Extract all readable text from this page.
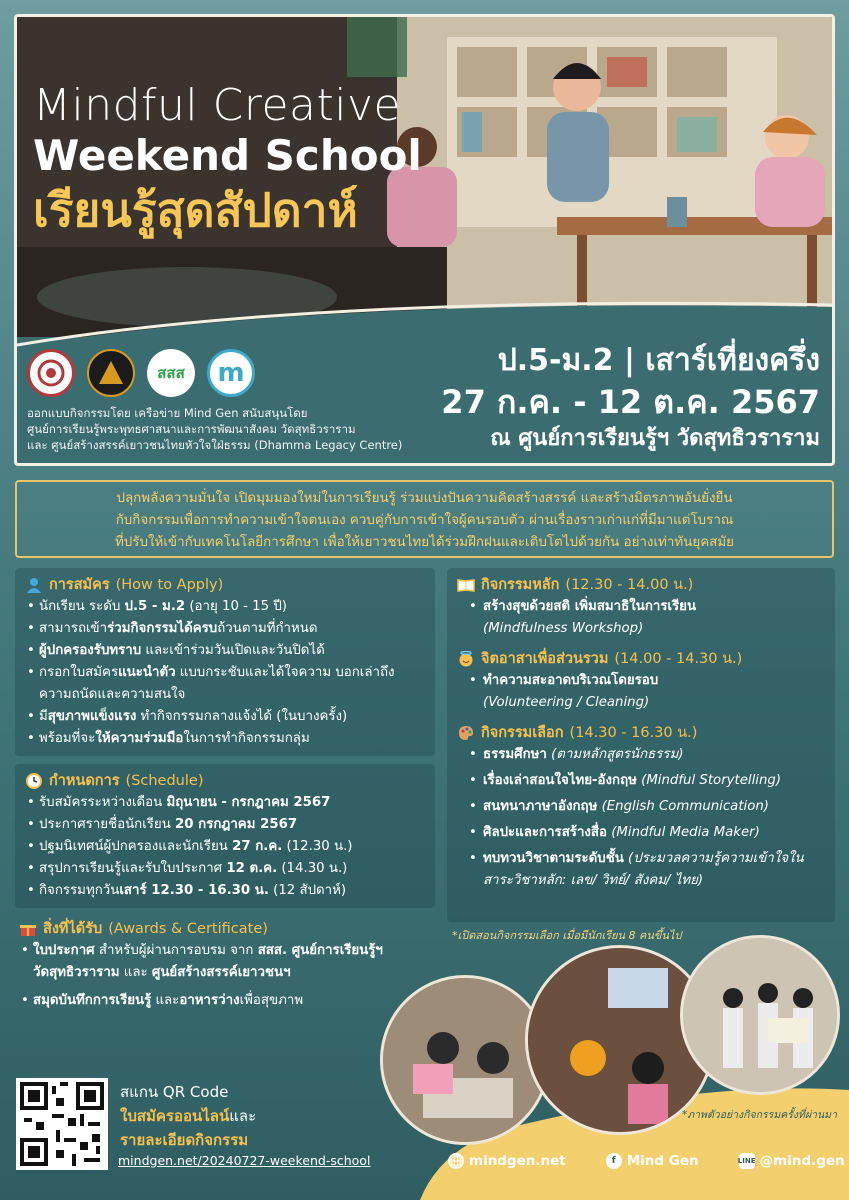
Mindful Creative
Weekend School
เรียนรู้สุดสัปดาห์
สสส m
ออกแบบกิจกรรมโดย เครือข่าย Mind Gen สนับสนุนโดย
ศูนย์การเรียนรู้พระพุทธศาสนาและการพัฒนาสังคม วัดสุทธิวราราม
และ ศูนย์สร้างสรรค์เยาวชนไทยหัวใจใฝ่ธรรม (Dhamma Legacy Centre)
ป.5-ม.2 | เสาร์เที่ยงครึ่ง
27 ก.ค. - 12 ต.ค. 2567
ณ ศูนย์การเรียนรู้ฯ วัดสุทธิวราราม
ปลุกพลังความมั่นใจ เปิดมุมมองใหม่ในการเรียนรู้ ร่วมแบ่งปันความคิดสร้างสรรค์ และสร้างมิตรภาพอันยั่งยืน
กับกิจกรรมเพื่อการทำความเข้าใจตนเอง ควบคู่กับการเข้าใจผู้คนรอบตัว ผ่านเรื่องราวเก่าแก่ที่มีมาแต่โบราณ
ที่ปรับให้เข้ากับเทคโนโลยีการศึกษา เพื่อให้เยาวชนไทยได้ร่วมฝึกฝนและเติบโตไปด้วยกัน อย่างเท่าทันยุคสมัย
การสมัคร (How to Apply)
• นักเรียน ระดับ ป.5 - ม.2 (อายุ 10 - 15 ปี)
• สามารถเข้าร่วมกิจกรรมได้ครบถ้วนตามที่กำหนด
• ผู้ปกครองรับทราบ และเข้าร่วมวันเปิดและวันปิดได้
• กรอกใบสมัครแนะนำตัว แบบกระชับและได้ใจความ บอกเล่าถึงความถนัดและความสนใจ
• มีสุขภาพแข็งแรง ทำกิจกรรมกลางแจ้งได้ (ในบางครั้ง)
• พร้อมที่จะให้ความร่วมมือในการทำกิจกรรมกลุ่ม
กำหนดการ (Schedule)
• รับสมัครระหว่างเดือน มิถุนายน - กรกฎาคม 2567
• ประกาศรายชื่อนักเรียน 20 กรกฎาคม 2567
• ปฐมนิเทศน์ผู้ปกครองและนักเรียน 27 ก.ค. (12.30 น.)
• สรุปการเรียนรู้และรับใบประกาศ 12 ต.ค. (14.30 น.)
• กิจกรรมทุกวันเสาร์ 12.30 - 16.30 น. (12 สัปดาห์)
สิ่งที่ได้รับ (Awards & Certificate)
• ใบประกาศ สำหรับผู้ผ่านการอบรม จาก สสส. ศูนย์การเรียนรู้ฯ วัดสุทธิวราราม และ ศูนย์สร้างสรรค์เยาวชนฯ
• สมุดบันทึกการเรียนรู้ และอาหารว่างเพื่อสุขภาพ
กิจกรรมหลัก (12.30 - 14.00 น.)
• สร้างสุขด้วยสติ เพิ่มสมาธิในการเรียน
(Mindfulness Workshop)
จิตอาสาเพื่อส่วนรวม (14.00 - 14.30 น.)
• ทำความสะอาดบริเวณโดยรอบ
(Volunteering / Cleaning)
กิจกรรมเลือก (14.30 - 16.30 น.)
• ธรรมศึกษา (ตามหลักสูตรนักธรรม)
• เรื่องเล่าสอนใจไทย-อังกฤษ (Mindful Storytelling)
• สนทนาภาษาอังกฤษ (English Communication)
• ศิลปะและการสร้างสื่อ (Mindful Media Maker)
• ทบทวนวิชาตามระดับชั้น (ประมวลความรู้ความเข้าใจในสาระวิชาหลัก: เลข/ วิทย์/ สังคม/ ไทย)
*เปิดสอนกิจกรรมเลือก เมื่อมีนักเรียน 8 คนขึ้นไป
สแกน QR Code
ใบสมัครออนไลน์และ
รายละเอียดกิจกรรม
mindgen.net/20240727-weekend-school
*ภาพตัวอย่างกิจกรรมครั้งที่ผ่านมา
mindgen.net	f Mind Gen	LINE @mind.gen
